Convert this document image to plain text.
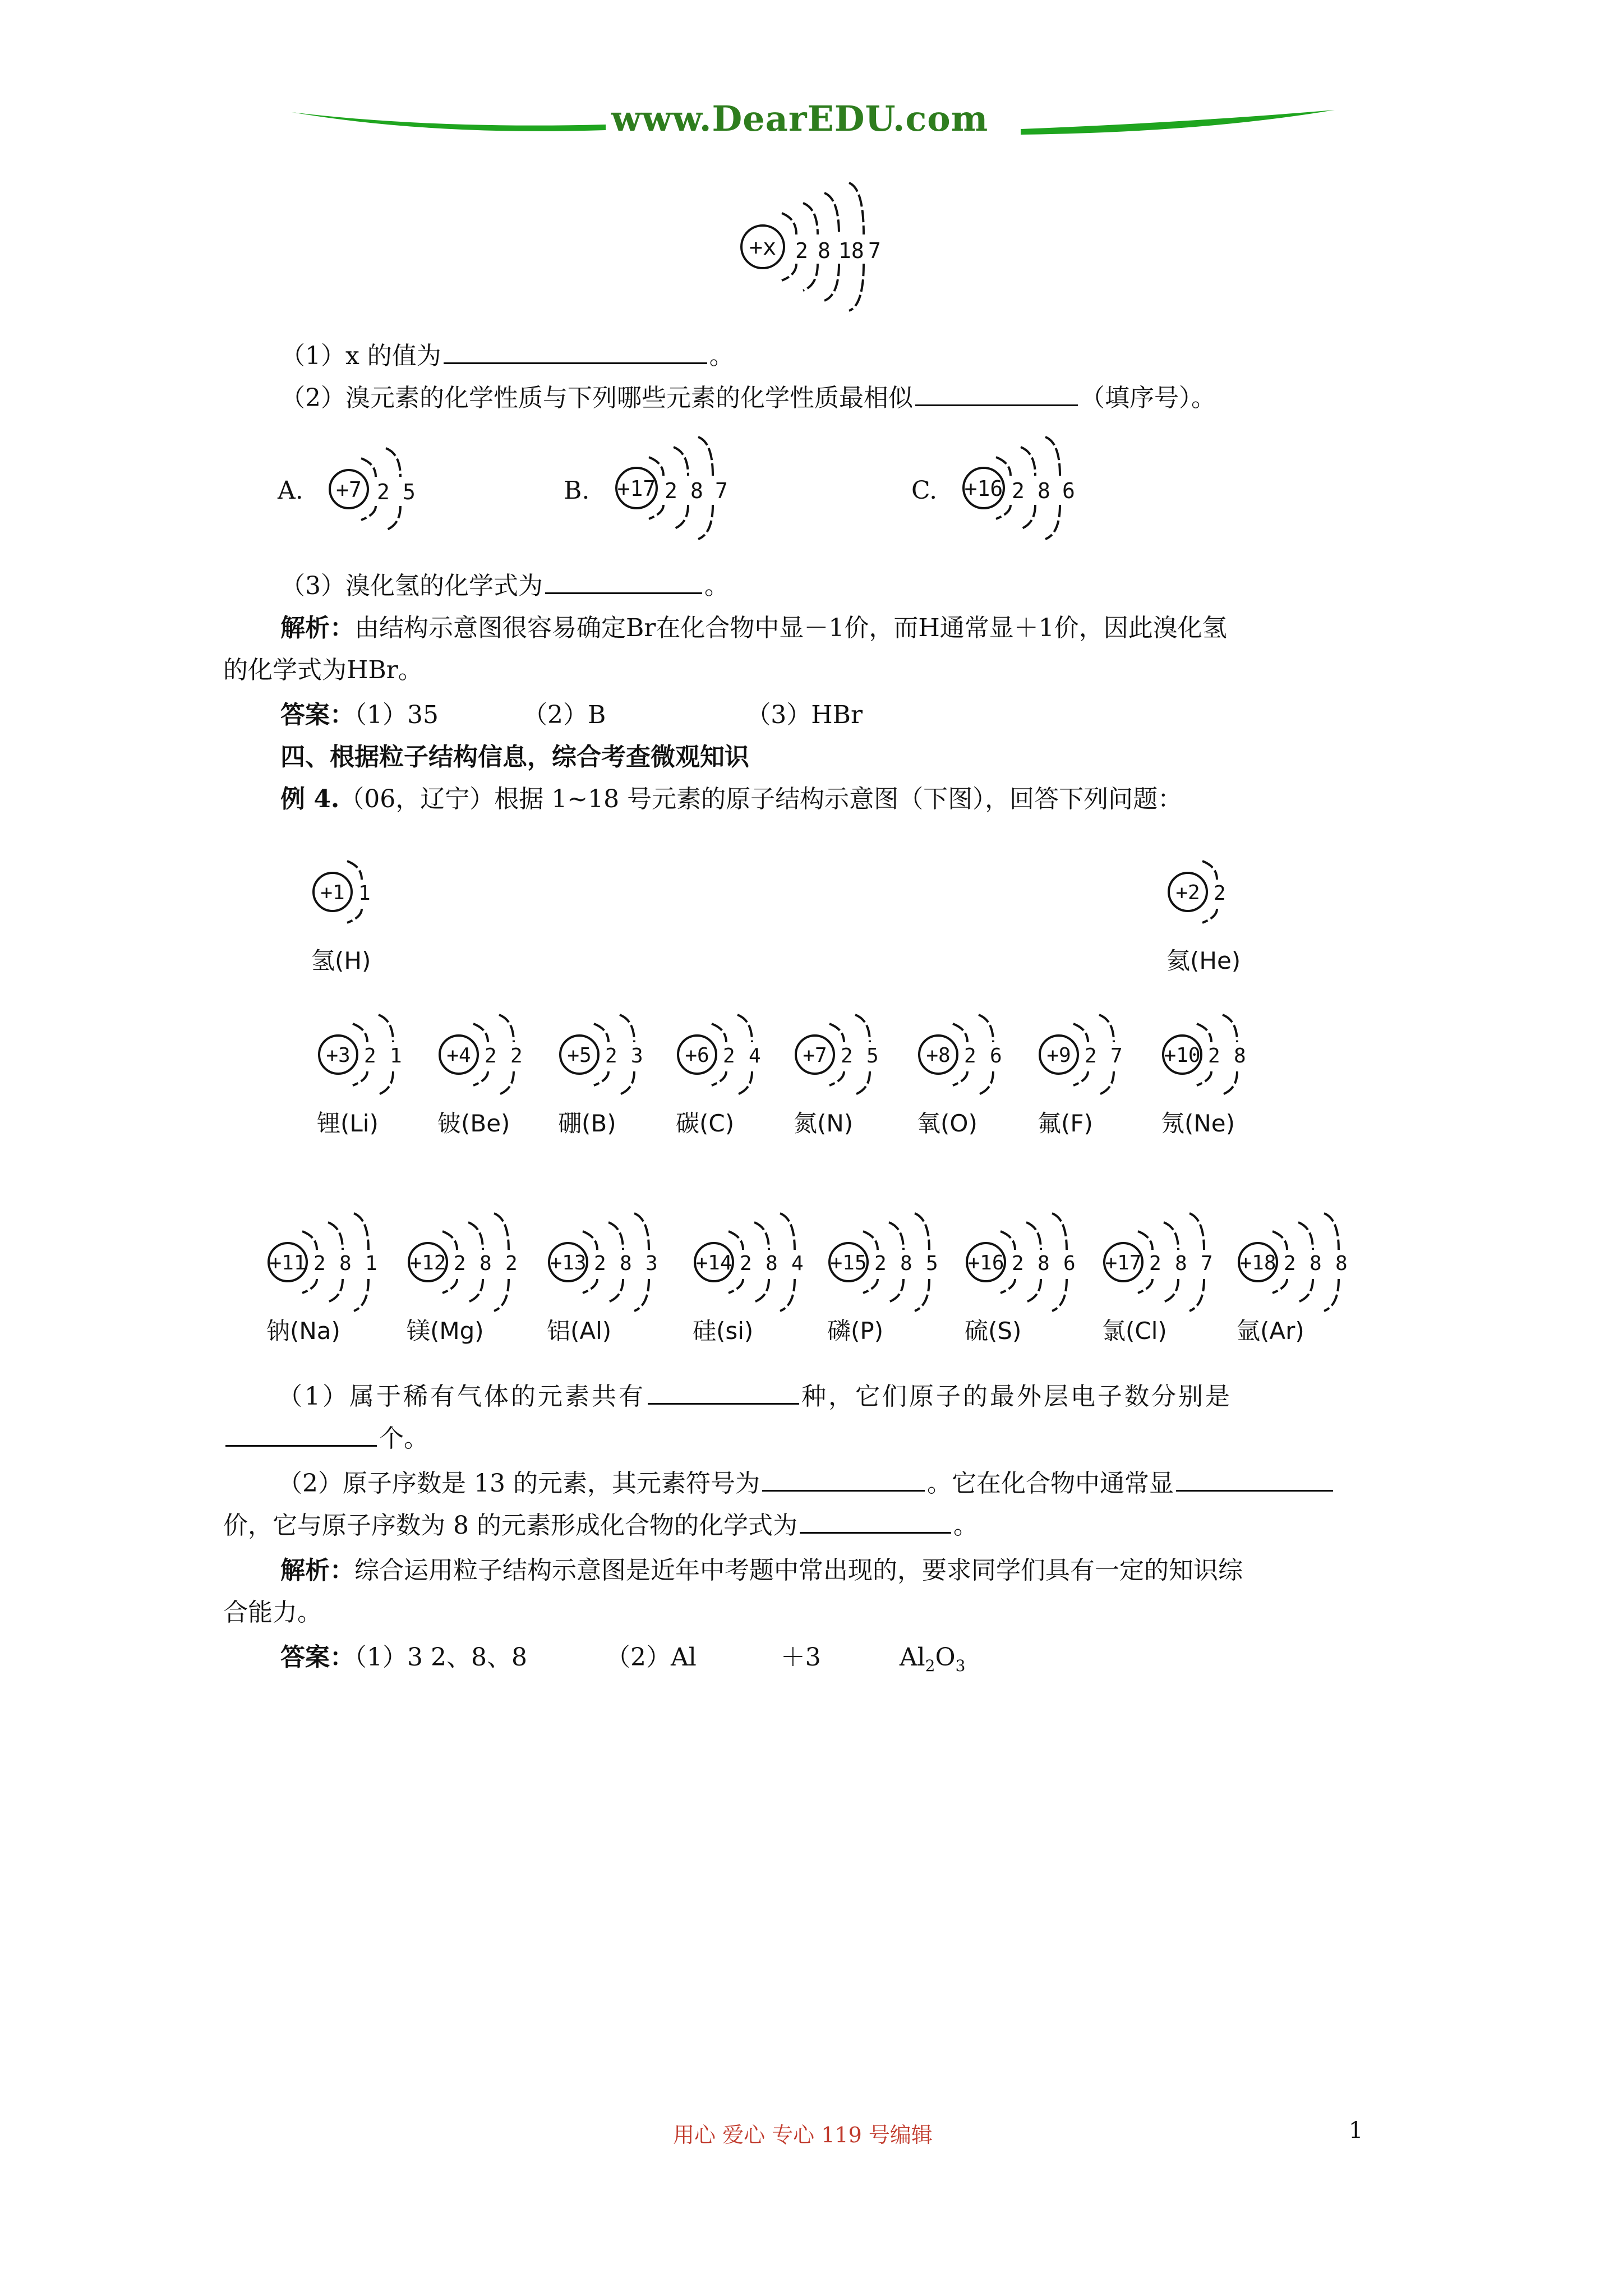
www.DearEDU.com
+x 2 8 18 7
（1）x 的值为	。
（2）溴元素的化学性质与下列哪些元素的化学性质最相似	（填序号）。
A. +7 2 5	B. +17 2 8 7	C. +16 2 8 6
（3）溴化氢的化学式为	。
解析：由结构示意图很容易确定Br在化合物中显－1价，而H通常显＋1价，因此溴化氢
的化学式为HBr。
答案：（1）35	（2）B	（3）HBr
四、根据粒子结构信息，综合考查微观知识
例 4.（06，辽宁）根据 1~18 号元素的原子结构示意图（下图），回答下列问题：
+1 1
氢(H)
+2 2
氦(He)
+3 2 1
锂(Li)
+4 2 2
铍(Be)
+5 2 3
硼(B)
+6 2 4
碳(C)
+7 2 5
氮(N)
+8 2 6
氧(O)
+9 2 7
氟(F)
+10 2 8
氖(Ne)
+11 2 8 1
钠(Na)
+12 2 8 2
镁(Mg)
+13 2 8 3
铝(Al)
+14 2 8 4
硅(si)
+15 2 8 5
磷(P)
+16 2 8 6
硫(S)
+17 2 8 7
氯(Cl)
+18 2 8 8
氩(Ar)
（1）属于稀有气体的元素共有	种，它们原子的最外层电子数分别是
个。
（2）原子序数是 13 的元素，其元素符号为	。它在化合物中通常显
价，它与原子序数为 8 的元素形成化合物的化学式为	。
解析：综合运用粒子结构示意图是近年中考题中常出现的，要求同学们具有一定的知识综
合能力。
答案：（1）3 2、8、8	（2）Al	＋3	$Al_2O_3$
用心 爱心 专心 119 号编辑	1
